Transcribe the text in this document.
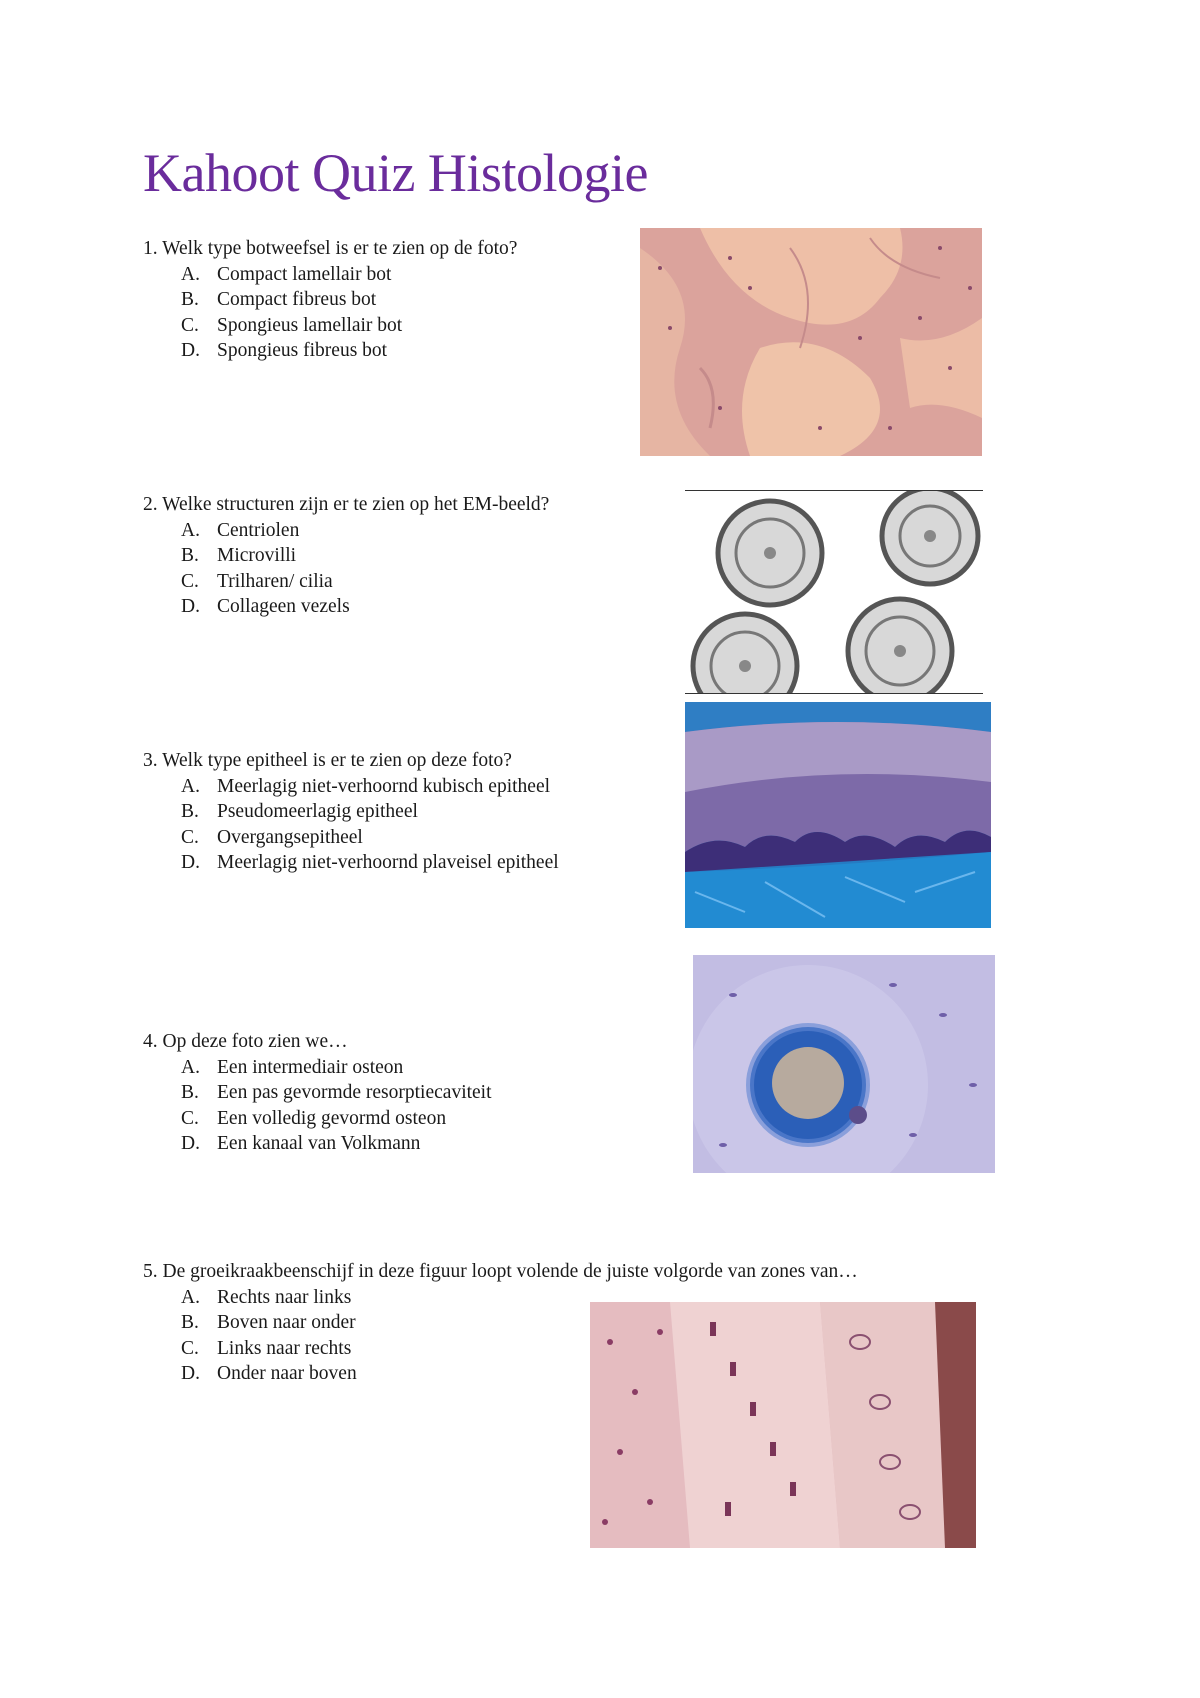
Kahoot Quiz Histologie

1. Welk type botweefsel is er te zien op de foto?

A. Compact lamellair bot
B. Compact fibreus bot
C. Spongieus lamellair bot
D. Spongieus fibreus bot

2. Welke structuren zijn er te zien op het EM-beeld?

A. Centriolen
B. Microvilli
C. Trilharen/ cilia
D. Collageen vezels

3. Welk type epitheel is er te zien op deze foto?

A. Meerlagig niet-verhoornd kubisch epitheel
B. Pseudomeerlagig epitheel
C. Overgangsepitheel
D. Meerlagig niet-verhoornd plaveisel epitheel

4. Op deze foto zien we…

A. Een intermediair osteon
B. Een pas gevormde resorptiecaviteit
C. Een volledig gevormd osteon
D. Een kanaal van Volkmann

5. De groeikraakbeenschijf in deze figuur loopt volende de juiste volgorde van zones van…

A. Rechts naar links
B. Boven naar onder
C. Links naar rechts
D. Onder naar boven
